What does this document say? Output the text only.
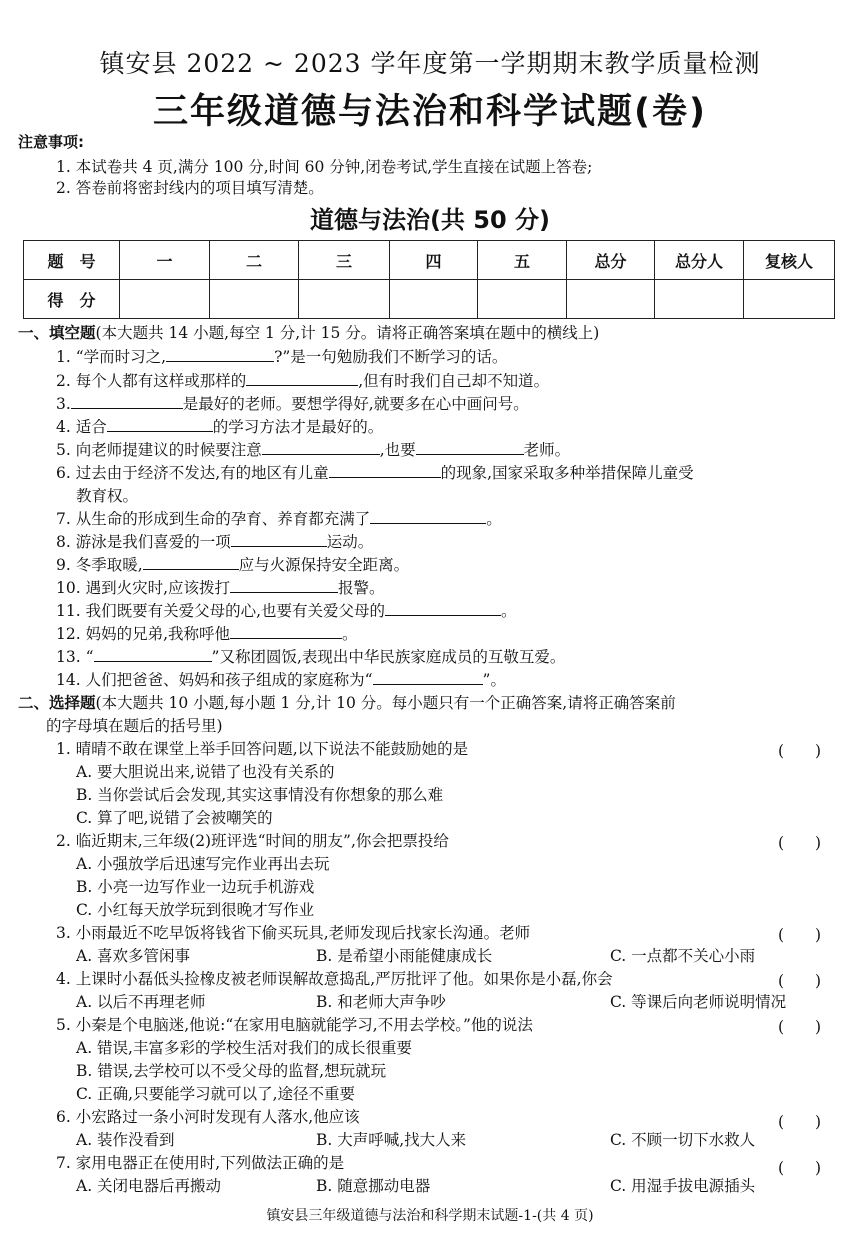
镇安县 2022 ~ 2023 学年度第一学期期末教学质量检测
三年级道德与法治和科学试题(卷)
注意事项:
1. 本试卷共 4 页,满分 100 分,时间 60 分钟,闭卷考试,学生直接在试题上答卷;
2. 答卷前将密封线内的项目填写清楚。
道德与法治(共 50 分)
题　号	一	二	三	四	五	总分	总分人	复核人
得　分								
一、填空题(本大题共 14 小题,每空 1 分,计 15 分。请将正确答案填在题中的横线上)
1. “学而时习之,	?”是一句勉励我们不断学习的话。
2. 每个人都有这样或那样的	,但有时我们自己却不知道。
3.	是最好的老师。要想学得好,就要多在心中画问号。
4. 适合	的学习方法才是最好的。
5. 向老师提建议的时候要注意	,也要	老师。
6. 过去由于经济不发达,有的地区有儿童	的现象,国家采取多种举措保障儿童受
教育权。
7. 从生命的形成到生命的孕育、养育都充满了	。
8. 游泳是我们喜爱的一项	运动。
9. 冬季取暖,	应与火源保持安全距离。
10. 遇到火灾时,应该拨打	报警。
11. 我们既要有关爱父母的心,也要有关爱父母的	。
12. 妈妈的兄弟,我称呼他	。
13. “	”又称团圆饭,表现出中华民族家庭成员的互敬互爱。
14. 人们把爸爸、妈妈和孩子组成的家庭称为“	”。
二、选择题(本大题共 10 小题,每小题 1 分,计 10 分。每小题只有一个正确答案,请将正确答案前
的字母填在题后的括号里)
1. 晴晴不敢在课堂上举手回答问题,以下说法不能鼓励她的是	(　　)
A. 要大胆说出来,说错了也没有关系的
B. 当你尝试后会发现,其实这事情没有你想象的那么难
C. 算了吧,说错了会被嘲笑的
2. 临近期末,三年级(2)班评选“时间的朋友”,你会把票投给	(　　)
A. 小强放学后迅速写完作业再出去玩
B. 小亮一边写作业一边玩手机游戏
C. 小红每天放学玩到很晚才写作业
3. 小雨最近不吃早饭将钱省下偷买玩具,老师发现后找家长沟通。老师	(　　)
A. 喜欢多管闲事	B. 是希望小雨能健康成长	C. 一点都不关心小雨
4. 上课时小磊低头捡橡皮被老师误解故意捣乱,严厉批评了他。如果你是小磊,你会	(　　)
A. 以后不再理老师	B. 和老师大声争吵	C. 等课后向老师说明情况
5. 小秦是个电脑迷,他说:“在家用电脑就能学习,不用去学校。”他的说法	(　　)
A. 错误,丰富多彩的学校生活对我们的成长很重要
B. 错误,去学校可以不受父母的监督,想玩就玩
C. 正确,只要能学习就可以了,途径不重要
6. 小宏路过一条小河时发现有人落水,他应该	(　　)
A. 装作没看到	B. 大声呼喊,找大人来	C. 不顾一切下水救人
7. 家用电器正在使用时,下列做法正确的是	(　　)
A. 关闭电器后再搬动	B. 随意挪动电器	C. 用湿手拔电源插头
镇安县三年级道德与法治和科学期末试题-1-(共 4 页)
